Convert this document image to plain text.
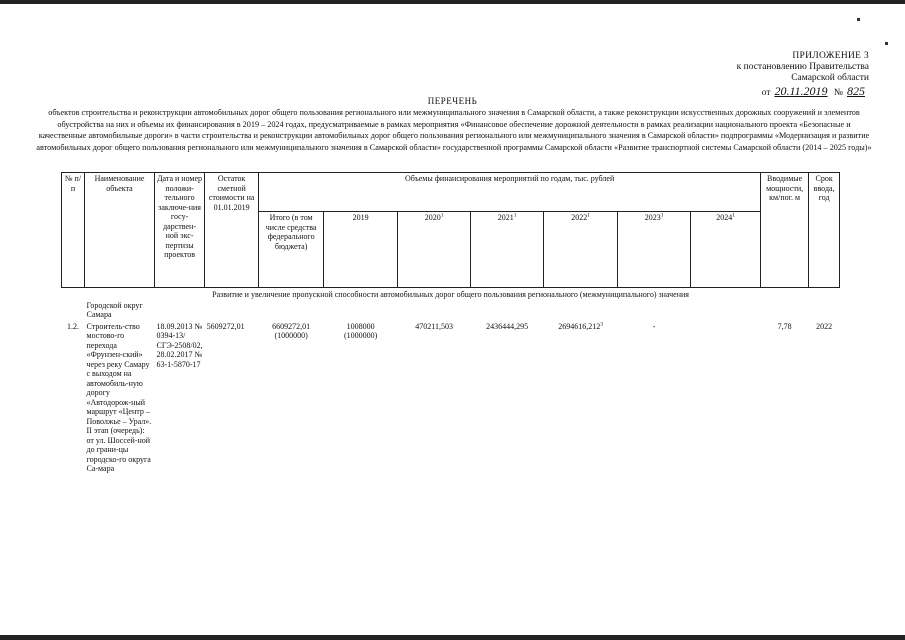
ПРИЛОЖЕНИЕ 3
к постановлению Правительства
Самарской области
от 20.11.2019 № 825
ПЕРЕЧЕНЬ
объектов строительства и реконструкции автомобильных дорог общего пользования регионального или межмуниципального значения в Самарской области, а также реконструкции искусственных дорожных сооружений и элементов обустройства на них и объемы их финансирования в 2019 – 2024 годах, предусматриваемые в рамках мероприятия «Финансовое обеспечение дорожной деятельности в рамках реализации национального проекта «Безопасные и качественные автомобильные дороги» в части строительства и реконструкции автомобильных дорог общего пользования регионального или межмуниципального значения в Самарской области» подпрограммы «Модернизация и развитие автомобильных дорог общего пользования регионального или межмуниципального значения в Самарской области» государственной программы Самарской области «Развитие транспортной системы Самарской области (2014 – 2025 годы)»
№ п/п	Наименование объекта	Дата и номер положи-тельного заключе-ния госу-дарствен-ной экс-пертизы проектов	Остаток сметной стоимости на 01.01.2019	Объемы финансирования мероприятий по годам, тыс. рублей							Вводимые мощности, км/пог. м	Срок ввода, год
				Итого (в том числе средства федерального бюджета)	2019	2020$^1$	2021$^1$	2022$^1$	2023$^1$	2024$^1$
Развитие и увеличение пропускной способности автомобильных дорог общего пользования регионального (межмуниципального) значения												
	Городской округ Самара											
1.2.	Строитель-ство мостово-го перехода «Фрунзен-ский» через реку Самару с выходом на автомобиль-ную дорогу «Автодорож-ный маршрут «Центр – Поволжье – Урал». II этап (очередь): от ул. Шоссей-ной до грани-цы городско-го округа Са-мара	18.09.2013 № 0394-13/СГЭ-2508/02, 28.02.2017 № 63-1-5870-17	5609272,01	6609272,01
(1000000)	1008000
(1000000)	470211,503	2436444,295	2694616,212$^3$	-		7,78	2022
